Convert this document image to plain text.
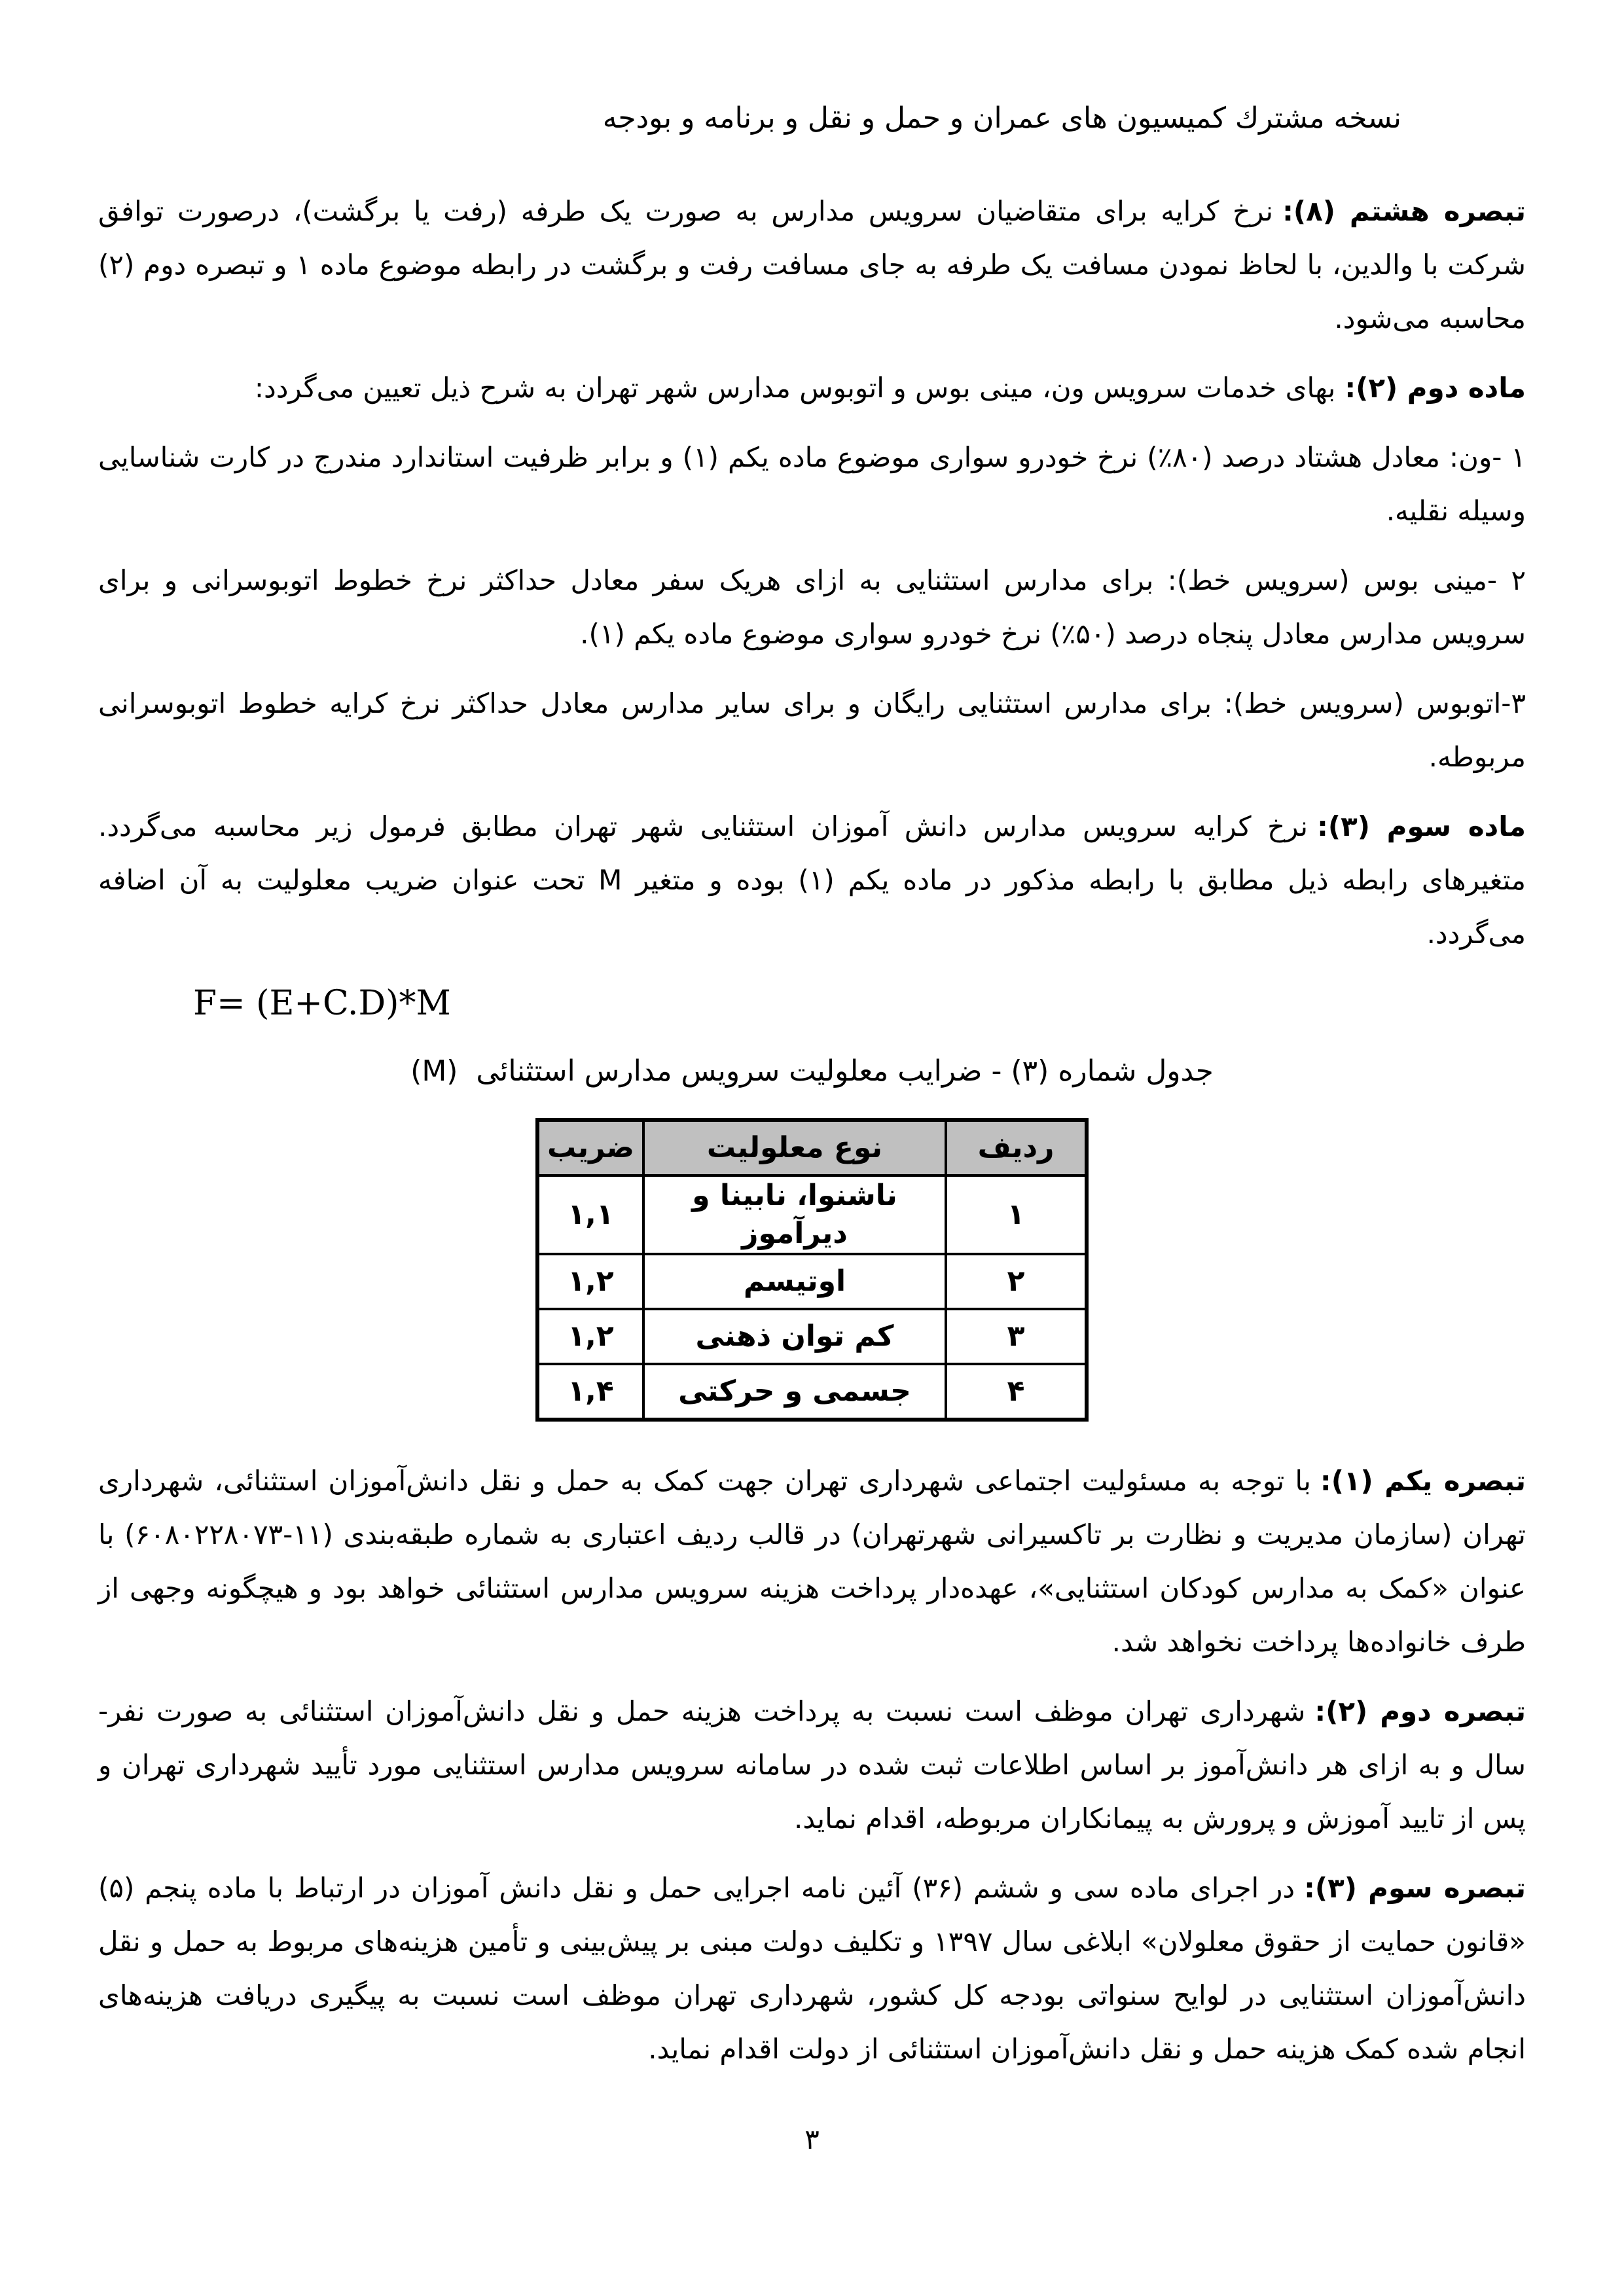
نسخه مشترك كميسيون های عمران و حمل و نقل و برنامه و بودجه

تبصره هشتم (۸):نرخ کرایه برای متقاضیان سرویس مدارس به صورت یک طرفه (رفت یا برگشت)، درصورت توافق شرکت با والدین، با لحاظ نمودن مسافت یک طرفه به جای مسافت رفت و برگشت در رابطه موضوع ماده ۱ و تبصره دوم (۲) محاسبه می‌شود.

ماده دوم (۲):بهای خدمات سرویس ون، مینی بوس و اتوبوس مدارس شهر تهران به شرح ذیل تعیین می‌گردد:

۱ -ون: معادل هشتاد درصد (⁦٪۸۰⁩) نرخ خودرو سواری موضوع ماده یکم (۱) و برابر ظرفیت استاندارد مندرج در کارت شناسایی وسیله نقلیه.

۲ -مینی بوس (سرویس خط): برای مدارس استثنایی به ازای هریک سفر معادل حداکثر نرخ خطوط اتوبوسرانی و برای سرویس مدارس معادل پنجاه درصد (⁦٪۵۰⁩) نرخ خودرو سواری موضوع ماده یکم (۱).

۳-اتوبوس (سرویس خط): برای مدارس استثنایی رایگان و برای سایر مدارس معادل حداکثر نرخ کرایه خطوط اتوبوسرانی مربوطه.

ماده سوم (۳):نرخ کرایه سرویس مدارس دانش آموزان استثنایی شهر تهران مطابق فرمول زیر محاسبه می‌گردد. متغیرهای رابطه ذیل مطابق با رابطه مذکور در ماده یکم (۱) بوده و متغیر M تحت عنوان ضریب معلولیت به آن اضافه می‌گردد.

F= (E+C.D)*M
جدول شماره (۳) - ضرایب معلولیت سرویس مدارس استثنائی  (M)
ردیف	نوع معلولیت	ضریب
۱	ناشنوا، نابینا و دیرآموز	۱,۱
۲	اوتیسم	۱,۲
۳	کم توان ذهنی	۱,۲
۴	جسمی و حرکتی	۱,۴

تبصره یکم (۱):با توجه به مسئولیت اجتماعی شهرداری تهران جهت کمک به حمل و نقل دانش‌آموزان استثنائی، شهرداری تهران (سازمان مدیریت و نظارت بر تاکسیرانی شهرتهران) در قالب ردیف اعتباری به شماره طبقه‌بندی (⁦۶۰۸۰۲۲۸۰۷۳-۱۱⁩) با عنوان «کمک به مدارس کودکان استثنایی»، عهده‌دار پرداخت هزینه سرویس مدارس استثنائی خواهد بود و هیچگونه وجهی از طرف خانواده‌ها پرداخت نخواهد شد.

تبصره دوم (۲):شهرداری تهران موظف است نسبت به پرداخت هزینه حمل و نقل دانش‌آموزان استثنائی به صورت نفر-سال و به ازای هر دانش‌آموز بر اساس اطلاعات ثبت شده در سامانه سرویس مدارس استثنایی مورد تأیید شهرداری تهران و پس از تایید آموزش و پرورش به پیمانکاران مربوطه، اقدام نماید.

تبصره سوم (۳):در اجرای ماده سی و ششم (۳۶) آئین نامه اجرایی حمل و نقل دانش آموزان در ارتباط با ماده پنجم (۵) «قانون حمایت از حقوق معلولان» ابلاغی سال ۱۳۹۷ و تکلیف دولت مبنی بر پیش‌بینی و تأمین هزینه‌های مربوط به حمل و نقل دانش‌آموزان استثنایی در لوایح سنواتی بودجه کل کشور، شهرداری تهران موظف است نسبت به پیگیری دریافت هزینه‌های انجام شده کمک هزینه حمل و نقل دانش‌آموزان استثنائی از دولت اقدام نماید.

۳
